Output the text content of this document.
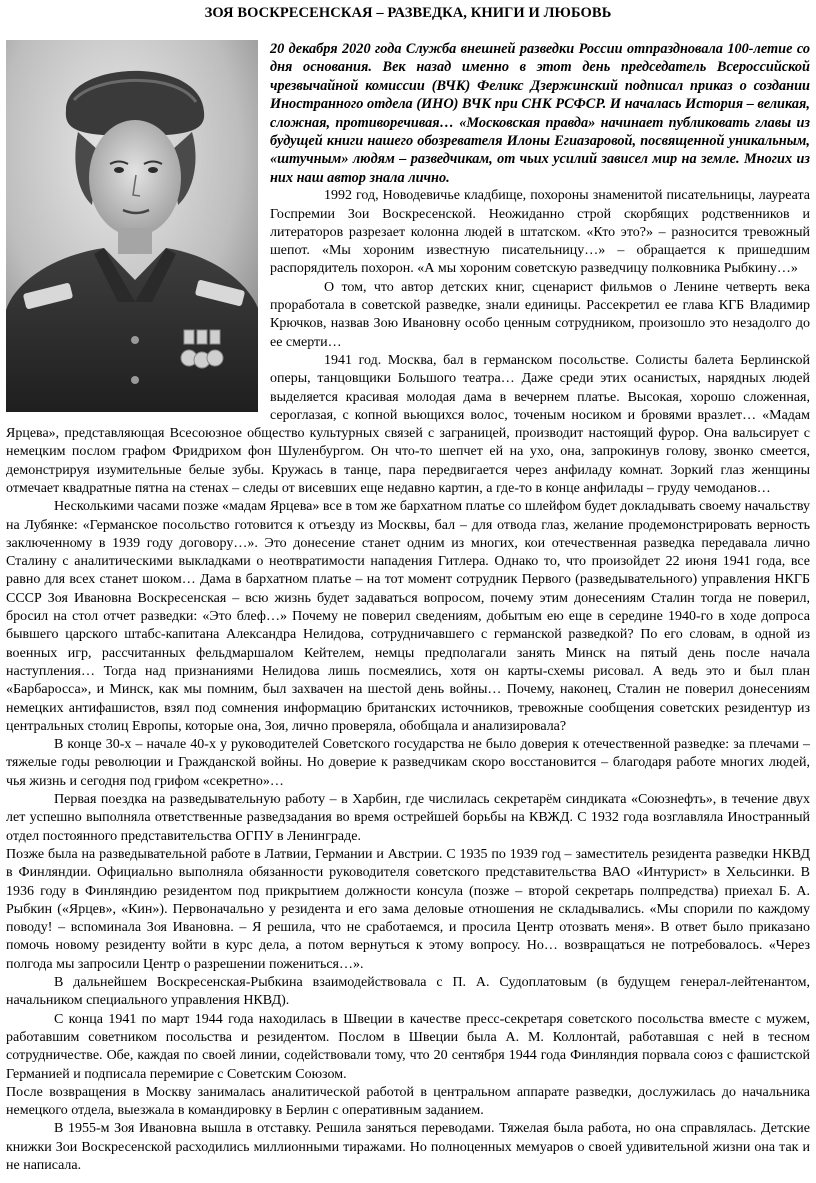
ЗОЯ ВОСКРЕСЕНСКАЯ – РАЗВЕДКА, КНИГИ И ЛЮБОВЬ

20 декабря 2020 года Служба внешней разведки России отпраздновала 100-летие со дня основания. Век назад именно в этот день председатель Всероссийской чрезвычайной комиссии (ВЧК) Феликс Дзержинский подписал приказ о создании Иностранного отдела (ИНО) ВЧК при СНК РСФСР. И началась История – великая, сложная, противоречивая… «Московская правда» начинает публиковать главы из будущей книги нашего обозревателя Илоны Егиазаровой, посвященной уникальным, «штучным» людям – разведчикам, от чьих усилий зависел мир на земле. Многих из них наш автор знала лично.

1992 год, Новодевичье кладбище, похороны знаменитой писательницы, лауреата Госпремии Зои Воскресенской. Неожиданно строй скорбящих родственников и литераторов разрезает колонна людей в штатском. «Кто это?» – разносится тревожный шепот. «Мы хороним известную писательницу…» – обращается к пришедшим распорядитель похорон. «А мы хороним советскую разведчицу полковника Рыбкину…»

О том, что автор детских книг, сценарист фильмов о Ленине четверть века проработала в советской разведке, знали единицы. Рассекретил ее глава КГБ Владимир Крючков, назвав Зою Ивановну особо ценным сотрудником, произошло это незадолго до ее смерти…

1941 год. Москва, бал в германском посольстве. Солисты балета Берлинской оперы, танцовщики Большого театра… Даже среди этих осанистых, нарядных людей выделяется красивая молодая дама в вечернем платье. Высокая, хорошо сложенная, сероглазая, с копной вьющихся волос, точеным носиком и бровями вразлет… «Мадам Ярцева», представляющая Всесоюзное общество культурных связей с заграницей, производит настоящий фурор. Она вальсирует с немецким послом графом Фридрихом фон Шуленбургом. Он что-то шепчет ей на ухо, она, запрокинув голову, звонко смеется, демонстрируя изумительные белые зубы. Кружась в танце, пара передвигается через анфиладу комнат. Зоркий глаз женщины отмечает квадратные пятна на стенах – следы от висевших еще недавно картин, а где-то в конце анфилады – груду чемоданов…

Несколькими часами позже «мадам Ярцева» все в том же бархатном платье со шлейфом будет докладывать своему начальству на Лубянке: «Германское посольство готовится к отъезду из Москвы, бал – для отвода глаз, желание продемонстрировать верность заключенному в 1939 году договору…». Это донесение станет одним из многих, кои отечественная разведка передавала лично Сталину с аналитическими выкладками о неотвратимости нападения Гитлера. Однако то, что произойдет 22 июня 1941 года, все равно для всех станет шоком… Дама в бархатном платье – на тот момент сотрудник Первого (разведывательного) управления НКГБ СССР Зоя Ивановна Воскресенская – всю жизнь будет задаваться вопросом, почему этим донесениям Сталин тогда не поверил, бросил на стол отчет разведки: «Это блеф…» Почему не поверил сведениям, добытым ею еще в середине 1940-го в ходе допроса бывшего царского штабс-капитана Александра Нелидова, сотрудничавшего с германской разведкой? По его словам, в одной из военных игр, рассчитанных фельдмаршалом Кейтелем, немцы предполагали занять Минск на пятый день после начала наступления… Тогда над признаниями Нелидова лишь посмеялись, хотя он карты-схемы рисовал. А ведь это и был план «Барбаросса», и Минск, как мы помним, был захвачен на шестой день войны… Почему, наконец, Сталин не поверил донесениям немецких антифашистов, взял под сомнения информацию британских источников, тревожные сообщения советских резидентур из центральных столиц Европы, которые она, Зоя, лично проверяла, обобщала и анализировала?

В конце 30-х – начале 40-х у руководителей Советского государства не было доверия к отечественной разведке: за плечами – тяжелые годы революции и Гражданской войны. Но доверие к разведчикам скоро восстановится – благодаря работе многих людей, чья жизнь и сегодня под грифом «секретно»…

Первая поездка на разведывательную работу – в Харбин, где числилась секретарём синдиката «Союзнефть», в течение двух лет успешно выполняла ответственные разведзадания во время острейшей борьбы на КВЖД. С 1932 года возглавляла Иностранный отдел постоянного представительства ОГПУ в Ленинграде.

Позже была на разведывательной работе в Латвии, Германии и Австрии. С 1935 по 1939 год – заместитель резидента разведки НКВД в Финляндии. Официально выполняла обязанности руководителя советского представительства ВАО «Интурист» в Хельсинки. В 1936 году в Финляндию резидентом под прикрытием должности консула (позже – второй секретарь полпредства) приехал Б. А. Рыбкин («Ярцев», «Кин»). Первоначально у резидента и его зама деловые отношения не складывались. «Мы спорили по каждому поводу! – вспоминала Зоя Ивановна. – Я решила, что не сработаемся, и просила Центр отозвать меня». В ответ было приказано помочь новому резиденту войти в курс дела, а потом вернуться к этому вопросу. Но… возвращаться не потребовалось. «Через полгода мы запросили Центр о разрешении пожениться…».

В дальнейшем Воскресенская-Рыбкина взаимодействовала с П. А. Судоплатовым (в будущем генерал-лейтенантом, начальником специального управления НКВД).

С конца 1941 по март 1944 года находилась в Швеции в качестве пресс-секретаря советского посольства вместе с мужем, работавшим советником посольства и резидентом. Послом в Швеции была А. М. Коллонтай, работавшая с ней в тесном сотрудничестве. Обе, каждая по своей линии, содействовали тому, что 20 сентября 1944 года Финляндия порвала союз с фашистской Германией и подписала перемирие с Советским Союзом.

После возвращения в Москву занималась аналитической работой в центральном аппарате разведки, дослужилась до начальника немецкого отдела, выезжала в командировку в Берлин с оперативным заданием.

В 1955-м Зоя Ивановна вышла в отставку. Решила заняться переводами. Тяжелая была работа, но она справлялась. Детские книжки Зои Воскресенской расходились миллионными тиражами. Но полноценных мемуаров о своей удивительной жизни она так и не написала.
